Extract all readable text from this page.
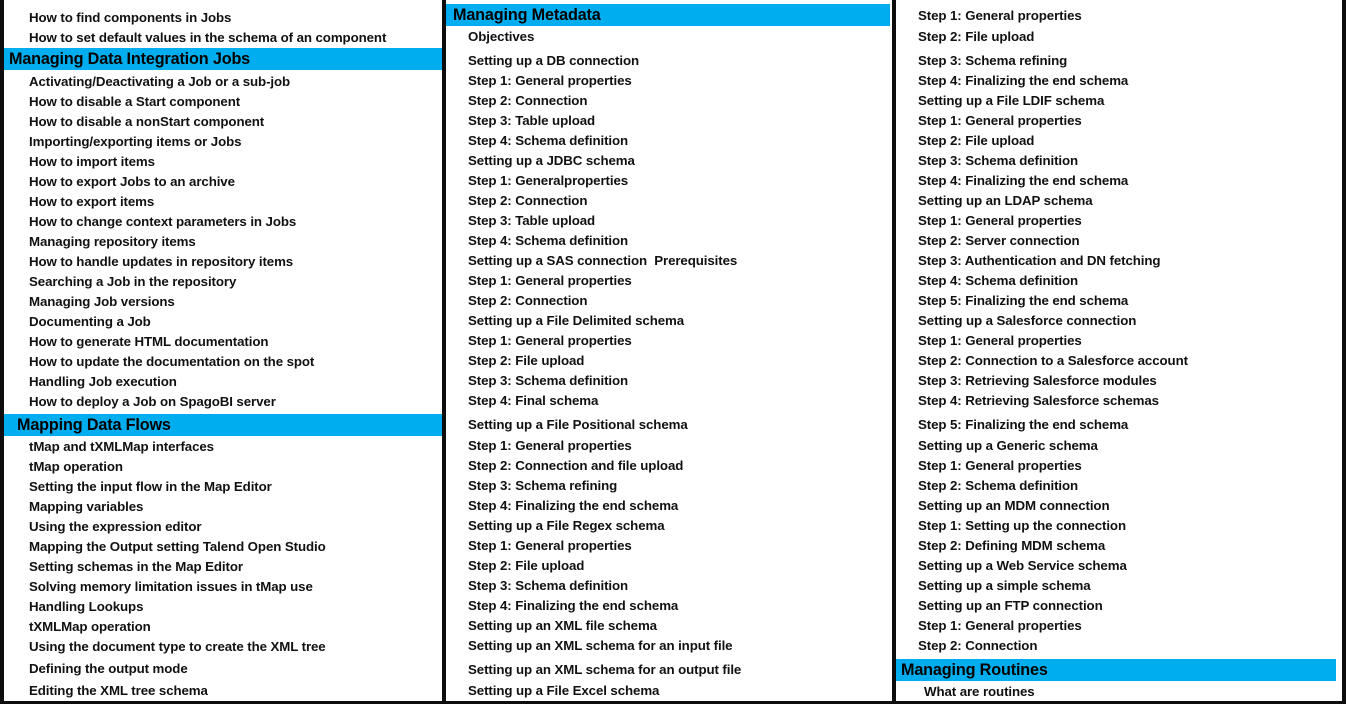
How to find components in Jobs
How to set default values in the schema of an component
Managing Data Integration Jobs
Activating/Deactivating a Job or a sub-job
How to disable a Start component
How to disable a nonStart component
Importing/exporting items or Jobs
How to import items
How to export Jobs to an archive
How to export items
How to change context parameters in Jobs
Managing repository items
How to handle updates in repository items
Searching a Job in the repository
Managing Job versions
Documenting a Job
How to generate HTML documentation
How to update the documentation on the spot
Handling Job execution
How to deploy a Job on SpagoBI server
Mapping Data Flows
tMap and tXMLMap interfaces
tMap operation
Setting the input flow in the Map Editor
Mapping variables
Using the expression editor
Mapping the Output setting Talend Open Studio
Setting schemas in the Map Editor
Solving memory limitation issues in tMap use
Handling Lookups
tXMLMap operation
Using the document type to create the XML tree
Defining the output mode
Editing the XML tree schema
Managing Metadata
Objectives
Setting up a DB connection
Step 1: General properties
Step 2: Connection
Step 3: Table upload
Step 4: Schema definition
Setting up a JDBC schema
Step 1: Generalproperties
Step 2: Connection
Step 3: Table upload
Step 4: Schema definition
Setting up a SAS connection  Prerequisites
Step 1: General properties
Step 2: Connection
Setting up a File Delimited schema
Step 1: General properties
Step 2: File upload
Step 3: Schema definition
Step 4: Final schema
Setting up a File Positional schema
Step 1: General properties
Step 2: Connection and file upload
Step 3: Schema refining
Step 4: Finalizing the end schema
Setting up a File Regex schema
Step 1: General properties
Step 2: File upload
Step 3: Schema definition
Step 4: Finalizing the end schema
Setting up an XML file schema
Setting up an XML schema for an input file
Setting up an XML schema for an output file
Setting up a File Excel schema
Step 1: General properties
Step 2: File upload
Step 3: Schema refining
Step 4: Finalizing the end schema
Setting up a File LDIF schema
Step 1: General properties
Step 2: File upload
Step 3: Schema definition
Step 4: Finalizing the end schema
Setting up an LDAP schema
Step 1: General properties
Step 2: Server connection
Step 3: Authentication and DN fetching
Step 4: Schema definition
Step 5: Finalizing the end schema
Setting up a Salesforce connection
Step 1: General properties
Step 2: Connection to a Salesforce account
Step 3: Retrieving Salesforce modules
Step 4: Retrieving Salesforce schemas
Step 5: Finalizing the end schema
Setting up a Generic schema
Step 1: General properties
Step 2: Schema definition
Setting up an MDM connection
Step 1: Setting up the connection
Step 2: Defining MDM schema
Setting up a Web Service schema
Setting up a simple schema
Setting up an FTP connection
Step 1: General properties
Step 2: Connection
Managing Routines
What are routines
